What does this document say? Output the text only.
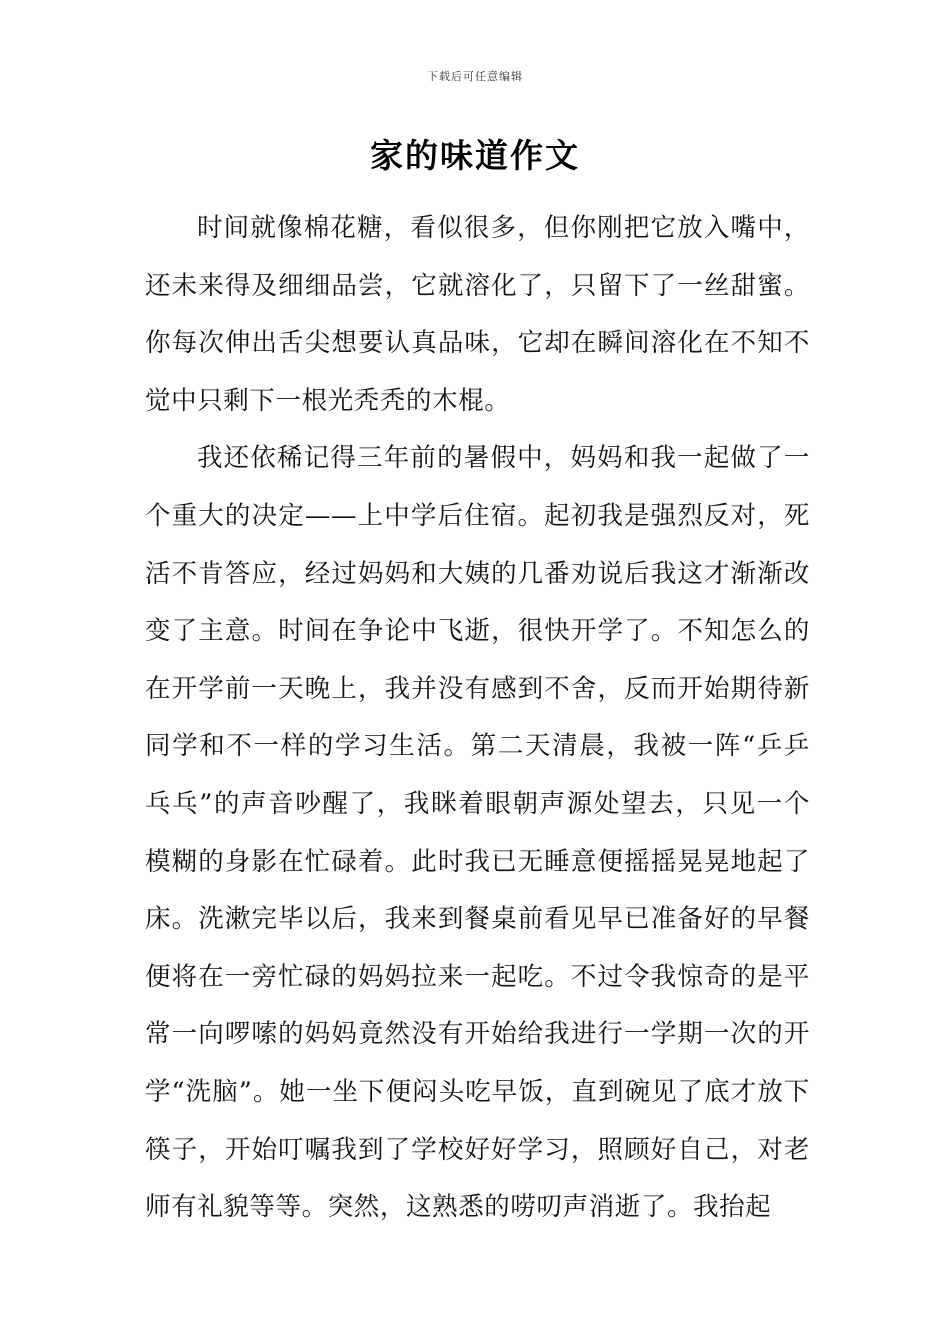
下载后可任意编辑
家的味道作文

时间就像棉花糖，看似很多，但你刚把它放入嘴中，还未来得及细细品尝，它就溶化了，只留下了一丝甜蜜。你每次伸出舌尖想要认真品味，它却在瞬间溶化在不知不觉中只剩下一根光秃秃的木棍。

我还依稀记得三年前的暑假中，妈妈和我一起做了一个重大的决定——上中学后住宿。起初我是强烈反对，死活不肯答应，经过妈妈和大姨的几番劝说后我这才渐渐改变了主意。时间在争论中飞逝，很快开学了。不知怎么的在开学前一天晚上，我并没有感到不舍，反而开始期待新同学和不一样的学习生活。第二天清晨，我被一阵“乒乒乓乓”的声音吵醒了，我眯着眼朝声源处望去，只见一个模糊的身影在忙碌着。此时我已无睡意便摇摇晃晃地起了床。洗漱完毕以后，我来到餐桌前看见早已准备好的早餐便将在一旁忙碌的妈妈拉来一起吃。不过令我惊奇的是平常一向啰嗦的妈妈竟然没有开始给我进行一学期一次的开学“洗脑”。她一坐下便闷头吃早饭，直到碗见了底才放下筷子，开始叮嘱我到了学校好好学习，照顾好自己，对老师有礼貌等等。突然，这熟悉的唠叨声消逝了。我抬起
